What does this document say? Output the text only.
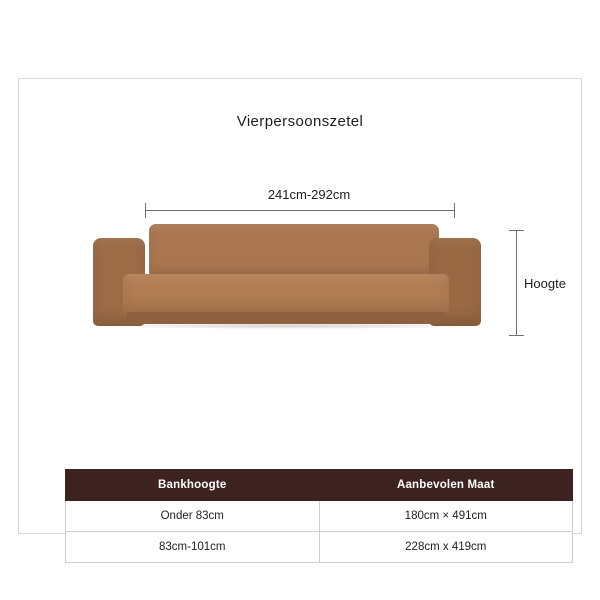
Vierpersoonszetel
241cm-292cm
Hoogte
Bankhoogte	Aanbevolen Maat
Onder 83cm	180cm × 491cm
83cm-101cm	228cm x 419cm
